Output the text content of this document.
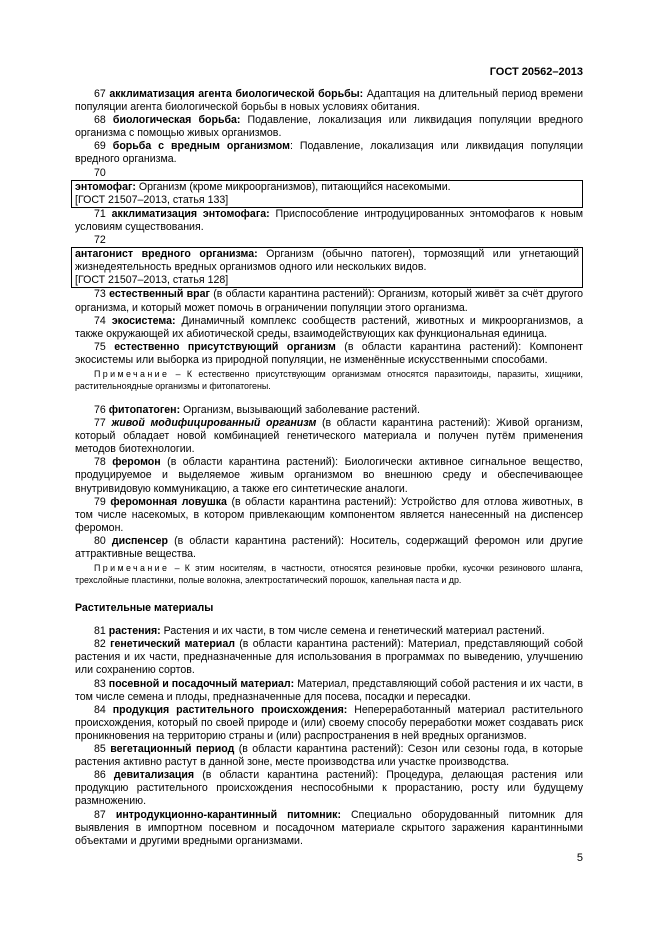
ГОСТ 20562–2013

67 акклиматизация агента биологической борьбы: Адаптация на длительный период времени популяции агента биологической борьбы в новых условиях обитания.

68 биологическая борьба: Подавление, локализация или ликвидация популяции вредного организма с помощью живых организмов.

69 борьба с вредным организмом: Подавление, локализация или ликвидация популяции вредного организма.

70

энтомофаг: Организм (кроме микроорганизмов), питающийся насекомыми.

[ГОСТ 21507–2013, статья 133]

71 акклиматизация энтомофага: Приспособление интродуцированных энтомофагов к новым условиям существования.

72

антагонист вредного организма: Организм (обычно патоген), тормозящий или угнетающий жизнедеятельность вредных организмов одного или нескольких видов.

[ГОСТ 21507–2013, статья 128]

73 естественный враг (в области карантина растений): Организм, который живёт за счёт другого организма, и который может помочь в ограничении популяции этого организма.

74 экосистема: Динамичный комплекс сообществ растений, животных и микроорганизмов, а также окружающей их абиотической среды, взаимодействующих как функциональная единица.

75 естественно присутствующий организм (в области карантина растений): Компонент экосистемы или выборка из природной популяции, не изменённые искусственными способами.

Примечание – К естественно присутствующим организмам относятся паразитоиды, паразиты, хищники, растительноядные организмы и фитопатогены.

76 фитопатоген: Организм, вызывающий заболевание растений.

77 живой модифицированный организм (в области карантина растений): Живой организм, который обладает новой комбинацией генетического материала и получен путём применения методов биотехнологии.

78 феромон (в области карантина растений): Биологически активное сигнальное вещество, продуцируемое и выделяемое живым организмом во внешнюю среду и обеспечивающее внутривидовую коммуникацию, а также его синтетические аналоги.

79 феромонная ловушка (в области карантина растений): Устройство для отлова животных, в том числе насекомых, в котором привлекающим компонентом является нанесенный на диспенсер феромон.

80 диспенсер (в области карантина растений): Носитель, содержащий феромон или другие аттрактивные вещества.

Примечание – К этим носителям, в частности, относятся резиновые пробки, кусочки резинового шланга, трехслойные пластинки, полые волокна, электростатический порошок, капельная паста и др.

Растительные материалы

81 растения: Растения и их части, в том числе семена и генетический материал растений.

82 генетический материал (в области карантина растений): Материал, представляющий собой растения и их части, предназначенные для использования в программах по выведению, улучшению или сохранению сортов.

83 посевной и посадочный материал: Материал, представляющий собой растения и их части, в том числе семена и плоды, предназначенные для посева, посадки и пересадки.

84 продукция растительного происхождения: Непереработанный материал растительного происхождения, который по своей природе и (или) своему способу переработки может создавать риск проникновения на территорию страны и (или) распространения в ней вредных организмов.

85 вегетационный период (в области карантина растений): Сезон или сезоны года, в которые растения активно растут в данной зоне, месте производства или участке производства.

86 девитализация (в области карантина растений): Процедура, делающая растения или продукцию растительного происхождения неспособными к прорастанию, росту или будущему размножению.

87 интродукционно-карантинный питомник: Специально оборудованный питомник для выявления в импортном посевном и посадочном материале скрытого заражения карантинными объектами и другими вредными организмами.

5
